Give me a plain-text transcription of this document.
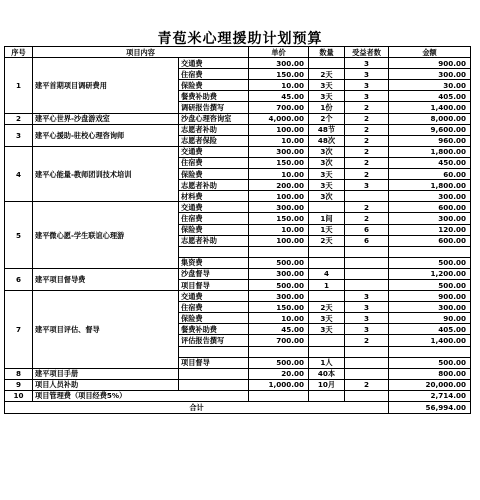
青苞米心理援助计划预算
序号	项目内容		单价	数量	受益者数	金额
1	建平首期项目调研费用	交通费	300.00		3	900.00
		住宿费	150.00	2天	3	300.00
		保险费	10.00	3天	3	30.00
		餐费补助费	45.00	3天	3	405.00
		调研报告撰写	700.00	1份	2	1,400.00
2	建平心世界-沙盘游戏室	沙盘心理咨询室	4,000.00	2个	2	8,000.00
3	建平心援助-驻校心理咨询师	志愿者补助	100.00	48节	2	9,600.00
		志愿者保险	10.00	48次	2	960.00
4	建平心能量-教师团训技术培训	交通费	300.00	3次	2	1,800.00
		住宿费	150.00	3次	2	450.00
		保险费	10.00	3天	2	60.00
		志愿者补助	200.00	3天	3	1,800.00
		材料费	100.00	3次		300.00
5	建平微心愿-学生联谊心理游	交通费	300.00		2	600.00
		住宿费	150.00	1间	2	300.00
		保险费	10.00	1天	6	120.00
		志愿者补助	100.00	2天	6	600.00

		集资费	500.00			500.00
6	建平项目督导费	沙盘督导	300.00	4		1,200.00
		项目督导	500.00	1		500.00
7	建平项目评估、督导	交通费	300.00		3	900.00
		住宿费	150.00	2天	3	300.00
		保险费	10.00	3天	3	90.00
		餐费补助费	45.00	3天	3	405.00
		评估报告撰写	700.00		2	1,400.00

		项目督导	500.00	1人		500.00
8	建平项目手册		20.00	40本		800.00
9	项目人员补助		1,000.00	10月	2	20,000.00
10	项目管理费（项目经费5%）					2,714.00
合计						56,994.00
